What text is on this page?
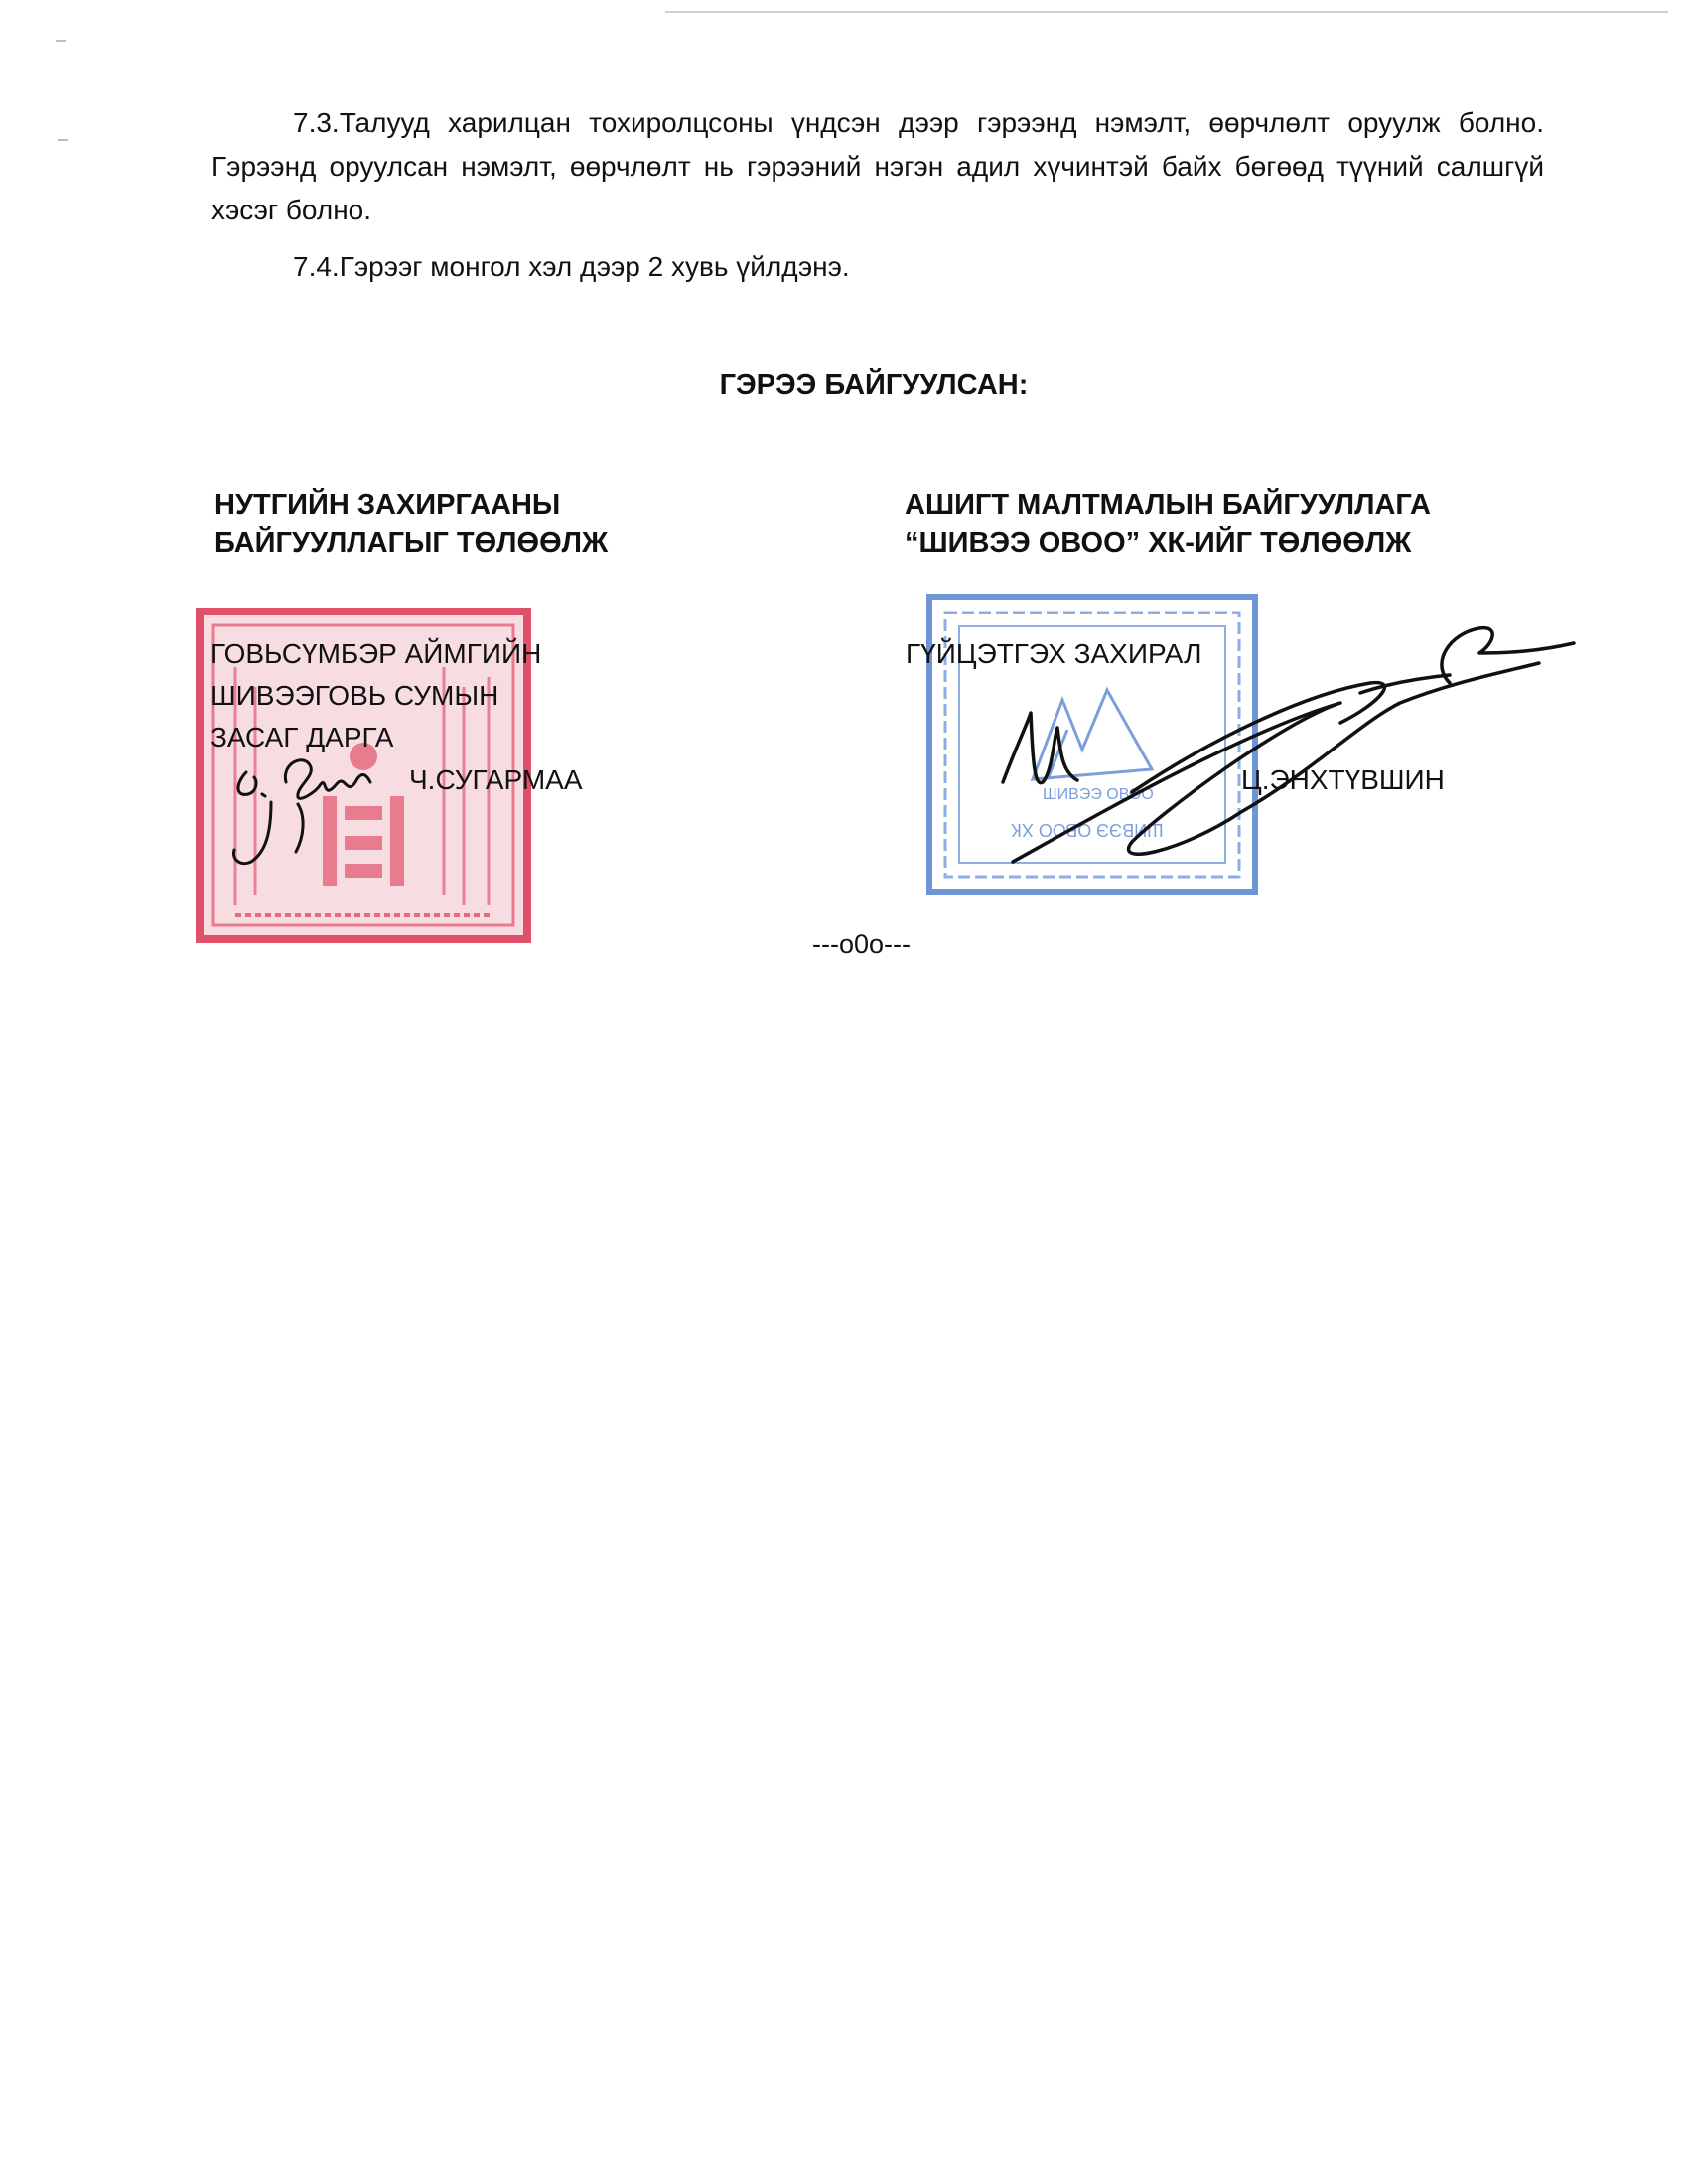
7.3.Талууд харилцан тохиролцсоны үндсэн дээр гэрээнд нэмэлт, өөрчлөлт оруулж болно. Гэрээнд оруулсан нэмэлт, өөрчлөлт нь гэрээний нэгэн адил хүчинтэй байх бөгөөд түүний салшгүй хэсэг болно.

7.4.Гэрээг монгол хэл дээр 2 хувь үйлдэнэ.

ГЭРЭЭ БАЙГУУЛСАН:

НУТГИЙН ЗАХИРГААНЫ
БАЙГУУЛЛАГЫГ ТӨЛӨӨЛЖ
АШИГТ МАЛТМАЛЫН БАЙГУУЛЛАГА
“ШИВЭЭ ОВОО” ХК-ИЙГ ТӨЛӨӨЛЖ
ШИВЭЭ ОВОО
ШИВЭЭ ОВОО ХК
ГОВЬСҮМБЭР АЙМГИЙН
ШИВЭЭГОВЬ СУМЫН
ЗАСАГ ДАРГА
Ч.СУГАРМАА
ГҮЙЦЭТГЭХ ЗАХИРАЛ
Ц.ЭНХТҮВШИН
---o0o---
